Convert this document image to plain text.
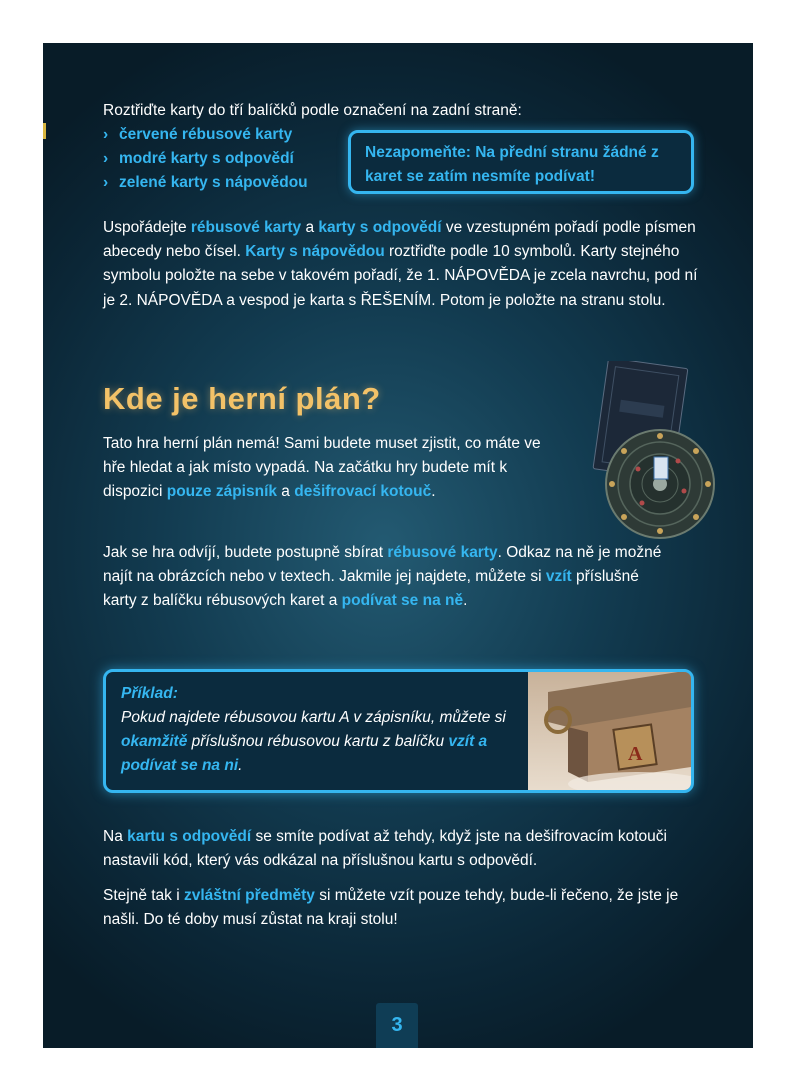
Roztřiďte karty do tří balíčků podle označení na zadní straně:
› červené rébusové karty
› modré karty s odpovědí
› zelené karty s nápovědou
Nezapomeňte: Na přední stranu žádné z karet se zatím nesmíte podívat!
Uspořádejte rébusové karty a karty s odpovědí ve vzestupném pořadí podle písmen abecedy nebo čísel. Karty s nápovědou roztřiďte podle 10 symbolů. Karty stejného symbolu položte na sebe v takovém pořadí, že 1. NÁPOVĚDA je zcela navrchu, pod ní je 2. NÁPOVĚDA a vespod je karta s ŘEŠENÍM. Potom je položte na stranu stolu.
Kde je herní plán?
Tato hra herní plán nemá! Sami budete muset zjistit, co máte ve hře hledat a jak místo vypadá. Na začátku hry budete mít k dispozici pouze zápisník a dešifrovací kotouč.
Jak se hra odvíjí, budete postupně sbírat rébusové karty. Odkaz na ně je možné najít na obrázcích nebo v textech. Jakmile jej najdete, můžete si vzít příslušné karty z balíčku rébusových karet a podívat se na ně.
Příklad:
Pokud najdete rébusovou kartu A v zápisníku, můžete si okamžitě příslušnou rébusovou kartu z balíčku vzít a podívat se na ni.
A
Na kartu s odpovědí se smíte podívat až tehdy, když jste na dešifrovacím kotouči nastavili kód, který vás odkázal na příslušnou kartu s odpovědí.
Stejně tak i zvláštní předměty si můžete vzít pouze tehdy, bude-li řečeno, že jste je našli. Do té doby musí zůstat na kraji stolu!
3
